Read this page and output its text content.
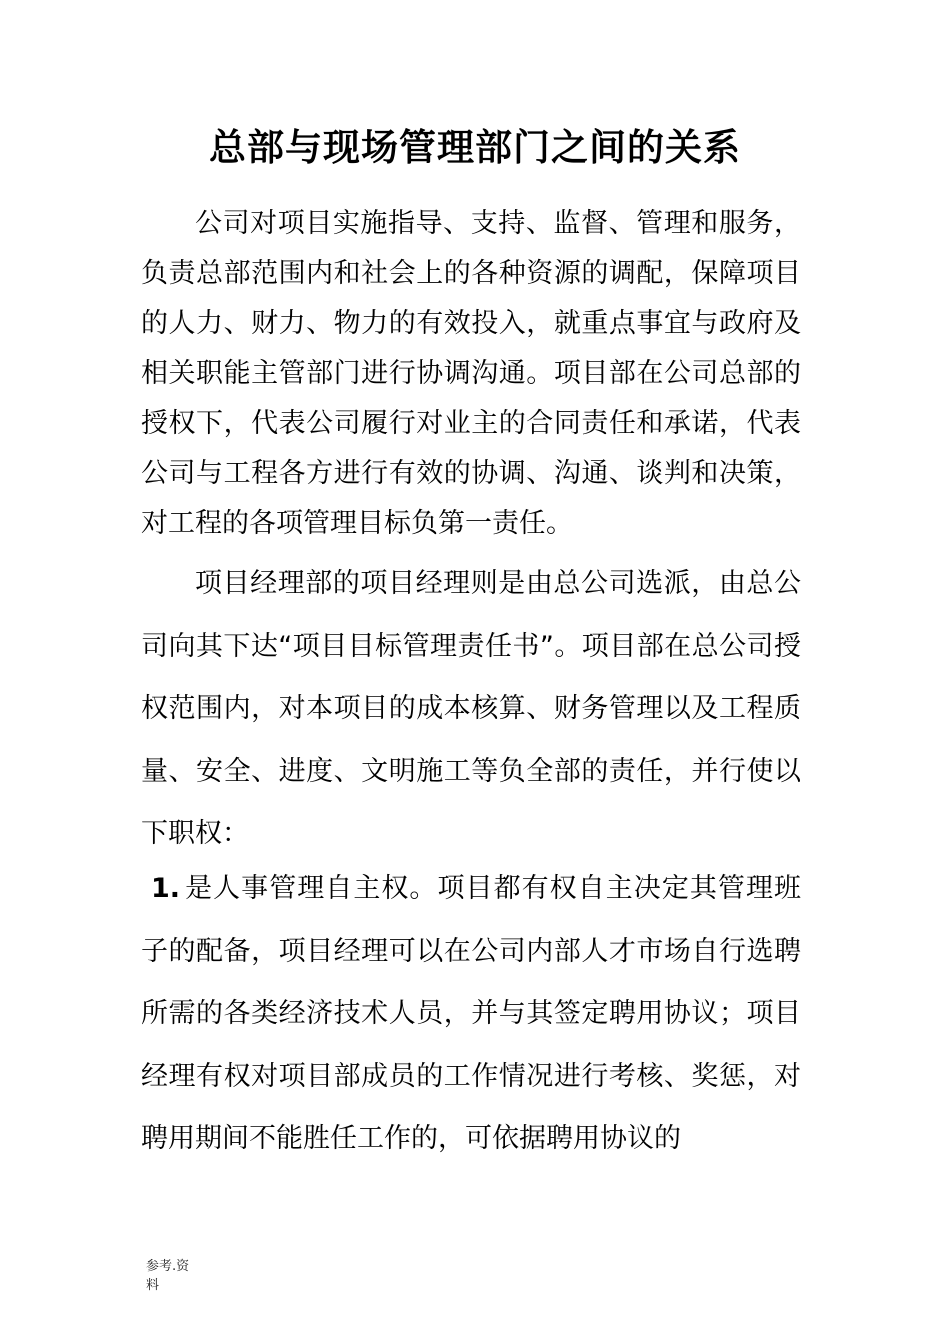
总部与现场管理部门之间的关系

公司对项目实施指导、支持、监督、管理和服务，负责总部范围内和社会上的各种资源的调配，保障项目的人力、财力、物力的有效投入，就重点事宜与政府及相关职能主管部门进行协调沟通。项目部在公司总部的授权下，代表公司履行对业主的合同责任和承诺，代表公司与工程各方进行有效的协调、沟通、谈判和决策，对工程的各项管理目标负第一责任。

项目经理部的项目经理则是由总公司选派，由总公司向其下达“项目目标管理责任书”。项目部在总公司授权范围内，对本项目的成本核算、财务管理以及工程质量、安全、进度、文明施工等负全部的责任，并行使以下职权：

1. 是人事管理自主权。项目都有权自主决定其管理班子的配备，项目经理可以在公司内部人才市场自行选聘所需的各类经济技术人员，并与其签定聘用协议；项目经理有权对项目部成员的工作情况进行考核、奖惩，对聘用期间不能胜任工作的，可依据聘用协议的

参考.资
料
